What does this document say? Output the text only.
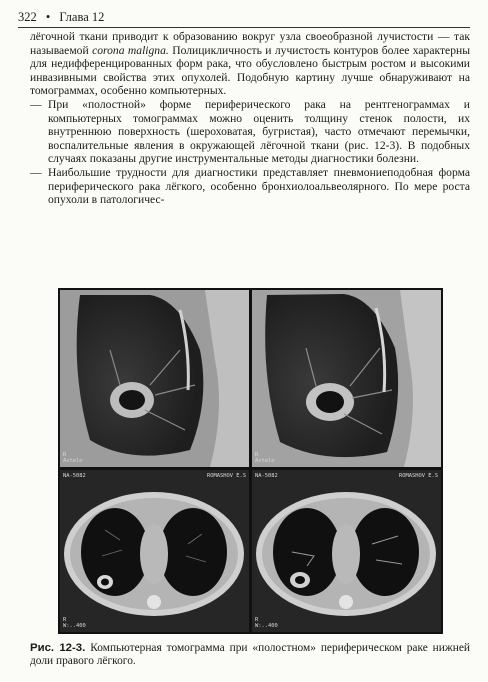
322 • Глава 12

лёгочной ткани приводит к образованию вокруг узла своеобразной лучистости — так называемой corona maligna. Полицикличность и лучистость контуров более характерны для недифференцированных форм рака, что обусловлено быстрым ростом и высокими инвазивными свойства этих опухолей. Подобную картину лучше обнаруживают на томограммах, особенно компьютерных.

— При «полостной» форме периферического рака на рентгенограммах и компьютерных томограммах можно оценить толщину стенок полости, их внутреннюю поверхность (шероховатая, бугристая), часто отмечают перемычки, воспалительные явления в окружающей лёгочной ткани (рис. 12-3). В подобных случаях показаны другие инструментальные методы диагностики болезни.

— Наибольшие трудности для диагностики представляет пневмониеподобная форма периферического рака лёгкого, особенно бронхиолоальвеолярного. По мере роста опухоли в патологичес-

R
Axtelo
R
Axtelo
NA-5082	ROMASHOV E.S
R
W:..400
NA-5082	ROMASHOV E.S
R
W:..400
Рис. 12-3. Компьютерная томограмма при «полостном» периферическом раке нижней доли правого лёгкого.
